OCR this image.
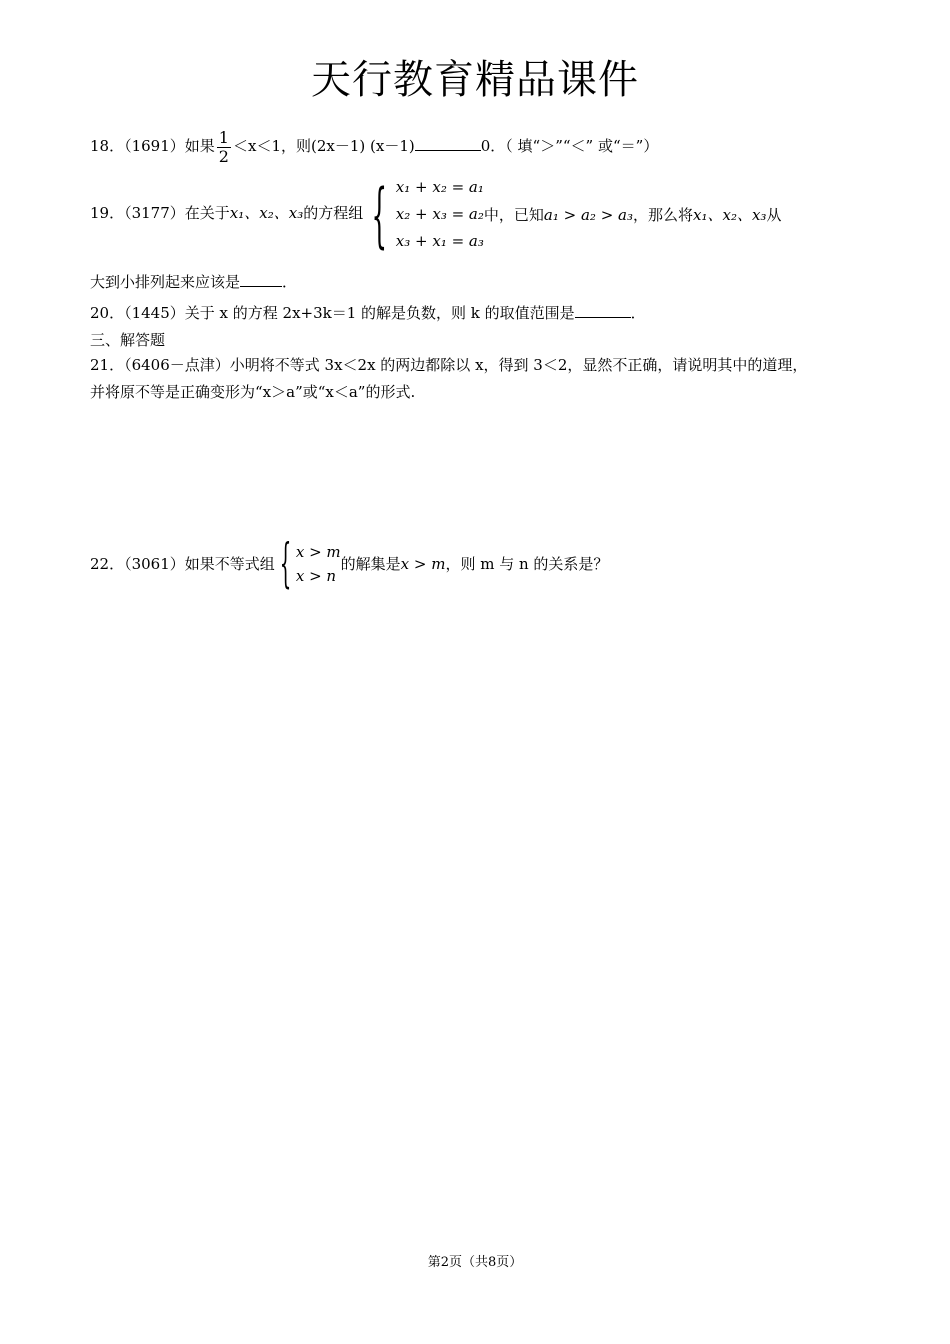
天行教育精品课件
18．（1691）如果 $\frac{1}{2} <x<1$，则(2x－1) (x－1)	0．（ 填“＞”“＜” 或“＝”）
19．（3177）在关于x₁、x₂、x₃的方程组 { x₁ + x₂ = a₁
x₂ + x₃ = a₂
x₃ + x₁ = a₃
中，已知a₁ > a₂ > a₃，那么将x₁、x₂、x₃从
大到小排列起来应该是	．
20．（1445）关于 x 的方程 2x+3k＝1 的解是负数，则 k 的取值范围是	．
三、解答题
21．（6406－点津）小明将不等式 3x＜2x 的两边都除以 x，得到 3＜2，显然不正确，请说明其中的道理，
并将原不等是正确变形为“x＞a”或“x＜a”的形式.
22．（3061）如果不等式组{ x > m
x > n
的解集是x > m，则 m 与 n 的关系是？
第2页（共8页）
